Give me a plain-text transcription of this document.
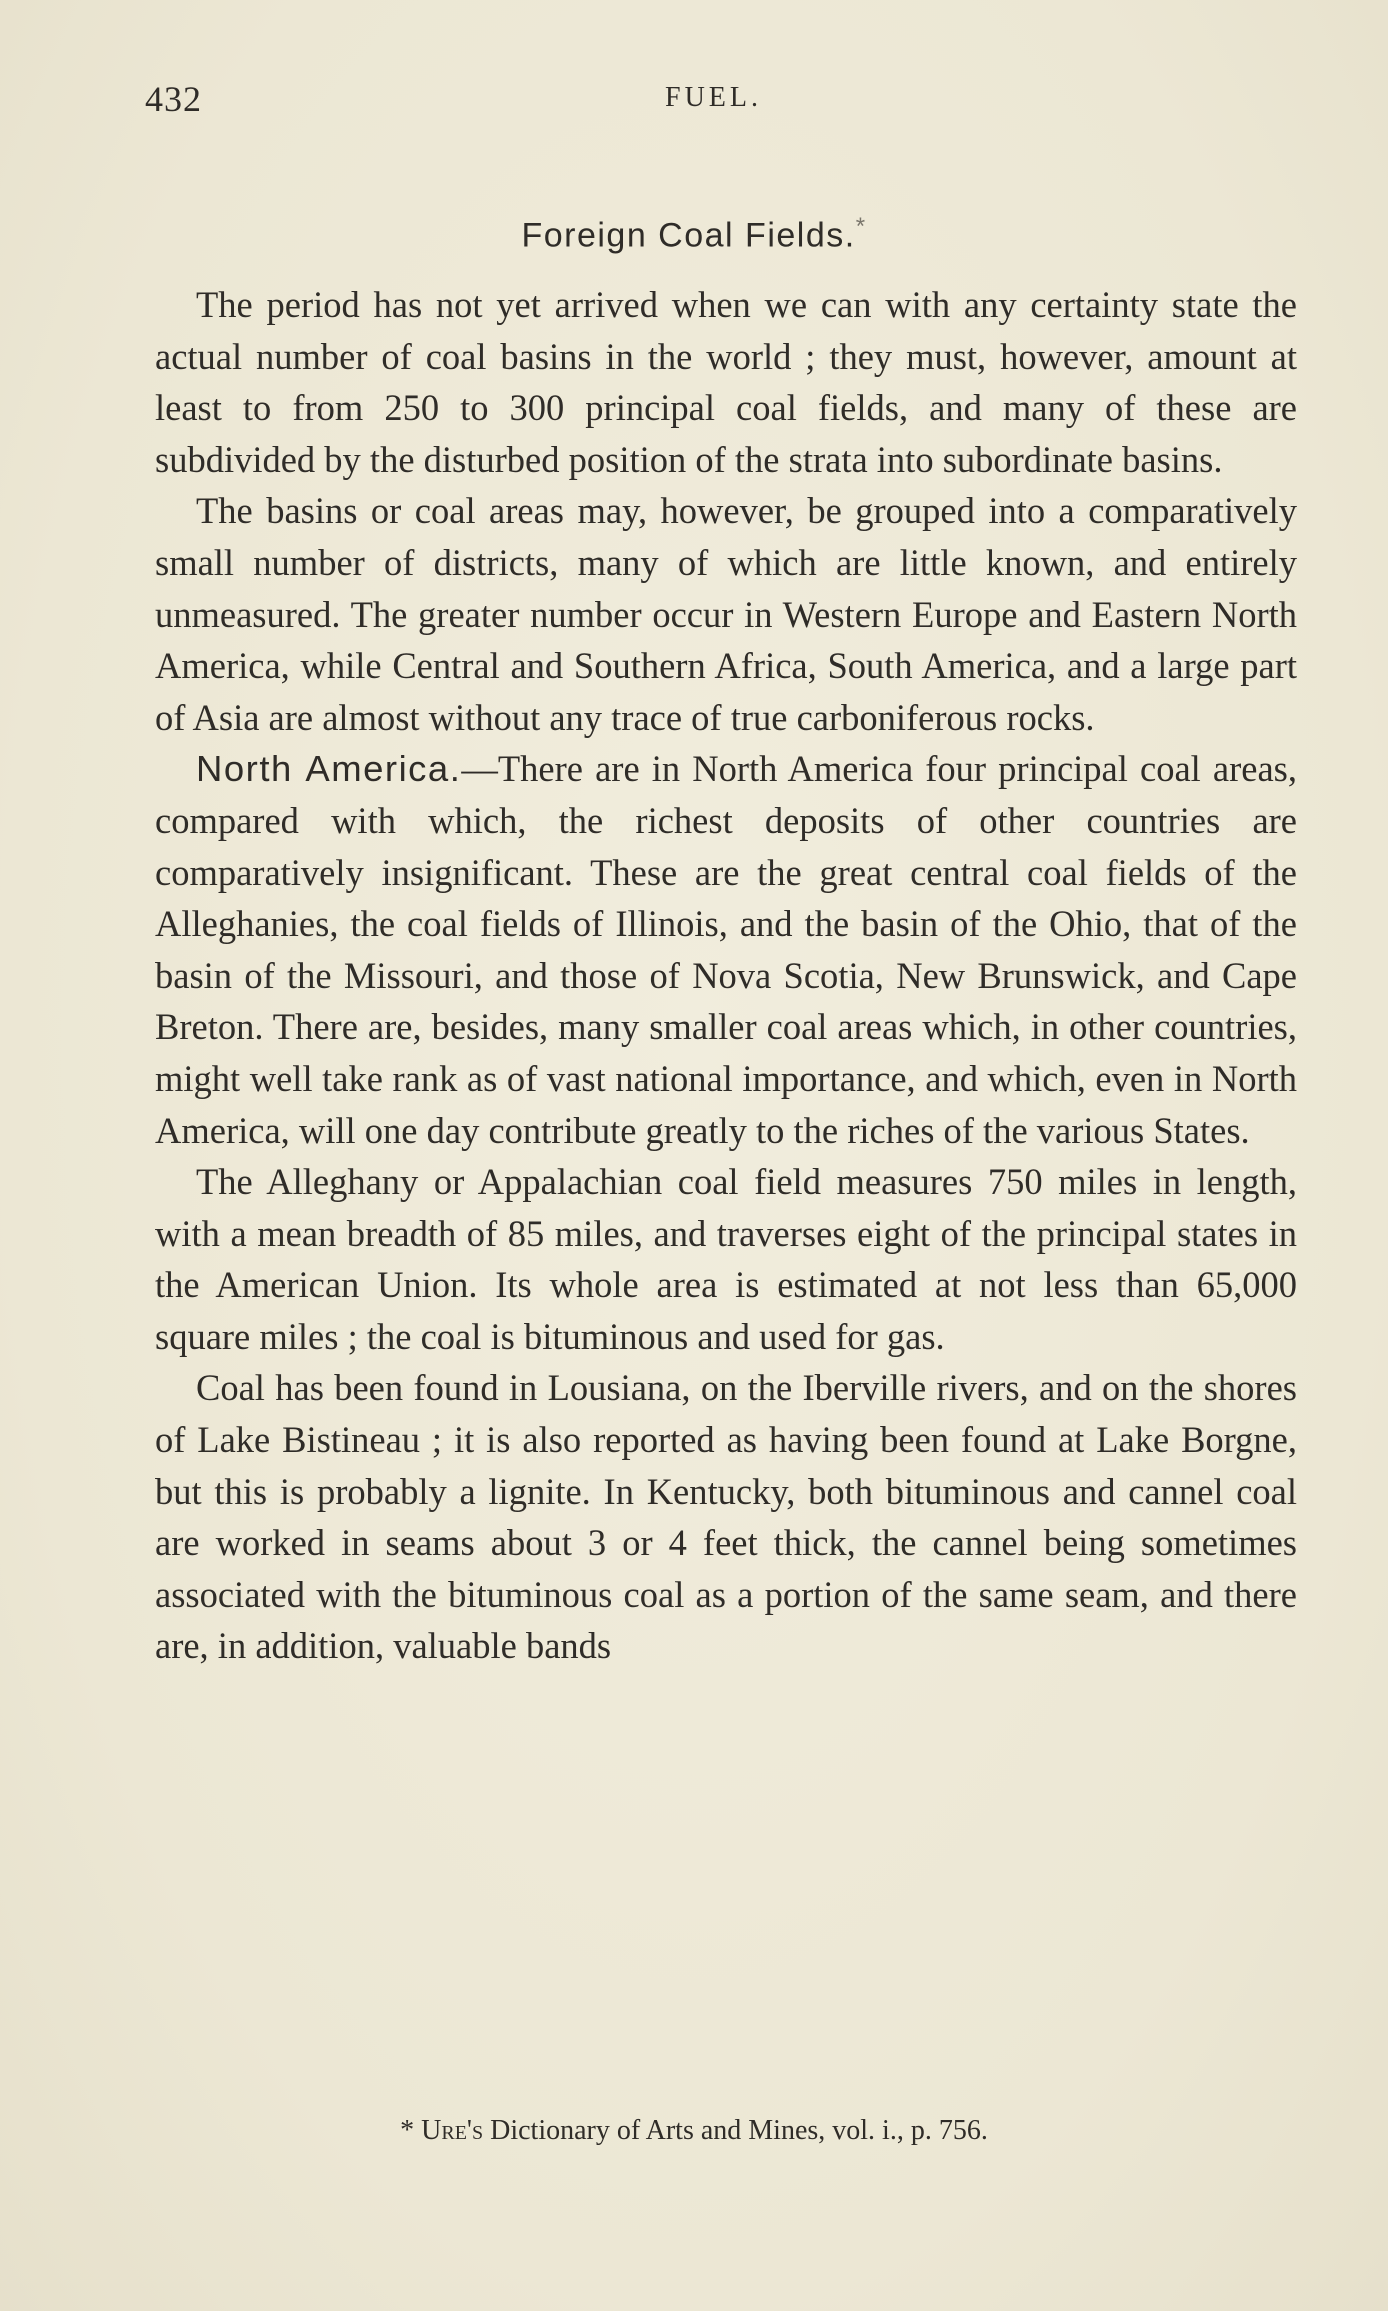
432	FUEL.
Foreign Coal Fields.*

The period has not yet arrived when we can with any certainty state the actual number of coal basins in the world ; they must, however, amount at least to from 250 to 300 principal coal fields, and many of these are subdivided by the disturbed position of the strata into subordinate basins.

The basins or coal areas may, however, be grouped into a comparatively small number of districts, many of which are little known, and entirely unmeasured. The greater number occur in Western Europe and Eastern North America, while Central and Southern Africa, South America, and a large part of Asia are almost without any trace of true carboniferous rocks.

North America.—There are in North America four principal coal areas, compared with which, the richest deposits of other countries are comparatively insignificant. These are the great central coal fields of the Alleghanies, the coal fields of Illinois, and the basin of the Ohio, that of the basin of the Missouri, and those of Nova Scotia, New Brunswick, and Cape Breton. There are, besides, many smaller coal areas which, in other countries, might well take rank as of vast national importance, and which, even in North America, will one day contribute greatly to the riches of the various States.

The Alleghany or Appalachian coal field measures 750 miles in length, with a mean breadth of 85 miles, and traverses eight of the principal states in the American Union. Its whole area is estimated at not less than 65,000 square miles ; the coal is bituminous and used for gas.

Coal has been found in Lousiana, on the Iberville rivers, and on the shores of Lake Bistineau ; it is also reported as having been found at Lake Borgne, but this is probably a lignite. In Kentucky, both bituminous and cannel coal are worked in seams about 3 or 4 feet thick, the cannel being sometimes associated with the bituminous coal as a portion of the same seam, and there are, in addition, valuable bands

* Ure's Dictionary of Arts and Mines, vol. i., p. 756.
